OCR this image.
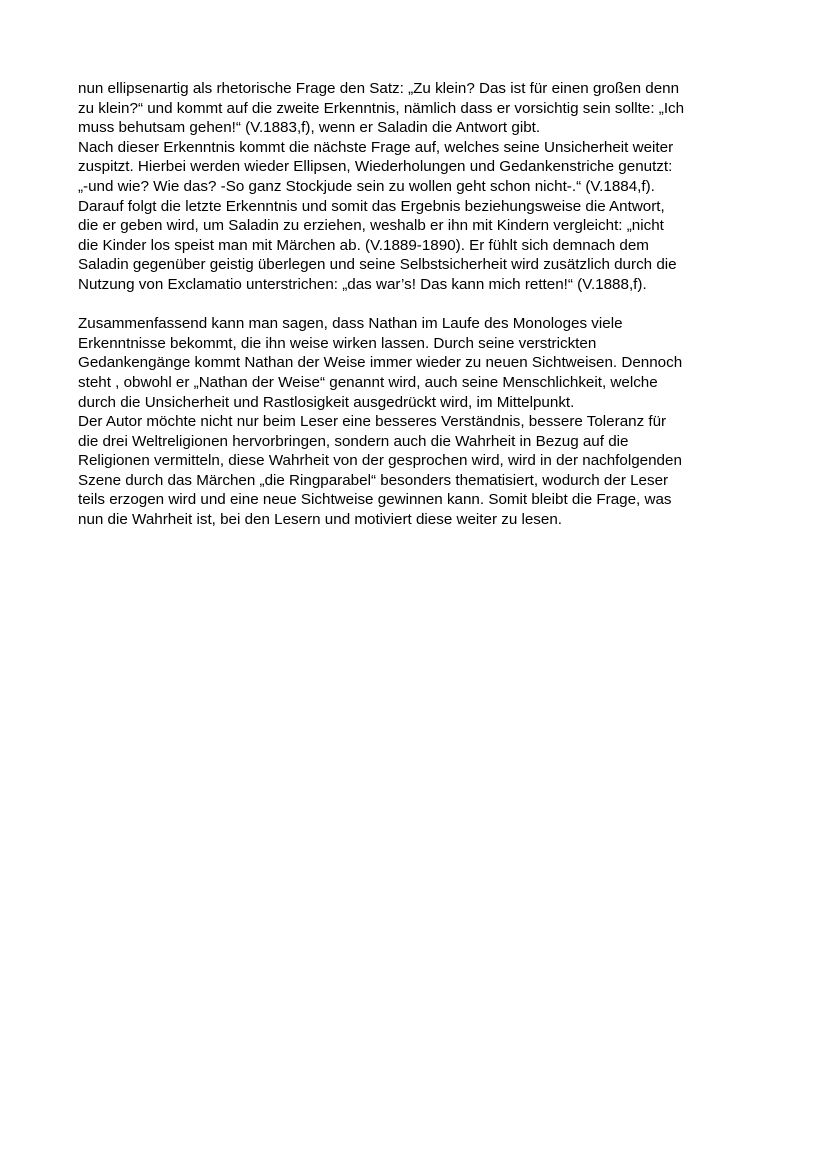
nun ellipsenartig als rhetorische Frage den Satz: „Zu klein? Das ist für einen großen denn
zu klein?“ und kommt auf die zweite Erkenntnis, nämlich dass er vorsichtig sein sollte: „Ich
muss behutsam gehen!“ (V.1883,f), wenn er Saladin die Antwort gibt.
Nach dieser Erkenntnis kommt die nächste Frage auf, welches seine Unsicherheit weiter
zuspitzt. Hierbei werden wieder Ellipsen, Wiederholungen und Gedankenstriche genutzt:
„-und wie? Wie das? -So ganz Stockjude sein zu wollen geht schon nicht-.“ (V.1884,f).
Darauf folgt die letzte Erkenntnis und somit das Ergebnis beziehungsweise die Antwort,
die er geben wird, um Saladin zu erziehen, weshalb er ihn mit Kindern vergleicht: „nicht
die Kinder los speist man mit Märchen ab. (V.1889-1890). Er fühlt sich demnach dem
Saladin gegenüber geistig überlegen und seine Selbstsicherheit wird zusätzlich durch die
Nutzung von Exclamatio unterstrichen: „das war’s! Das kann mich retten!“ (V.1888,f).
Zusammenfassend kann man sagen, dass Nathan im Laufe des Monologes viele
Erkenntnisse bekommt, die ihn weise wirken lassen. Durch seine verstrickten
Gedankengänge kommt Nathan der Weise immer wieder zu neuen Sichtweisen. Dennoch
steht , obwohl er „Nathan der Weise“ genannt wird, auch seine Menschlichkeit, welche
durch die Unsicherheit und Rastlosigkeit ausgedrückt wird, im Mittelpunkt.
Der Autor möchte nicht nur beim Leser eine besseres Verständnis, bessere Toleranz für
die drei Weltreligionen hervorbringen, sondern auch die Wahrheit in Bezug auf die
Religionen vermitteln, diese Wahrheit von der gesprochen wird, wird in der nachfolgenden
Szene durch das Märchen „die Ringparabel“ besonders thematisiert, wodurch der Leser
teils erzogen wird und eine neue Sichtweise gewinnen kann. Somit bleibt die Frage, was
nun die Wahrheit ist, bei den Lesern und motiviert diese weiter zu lesen.
